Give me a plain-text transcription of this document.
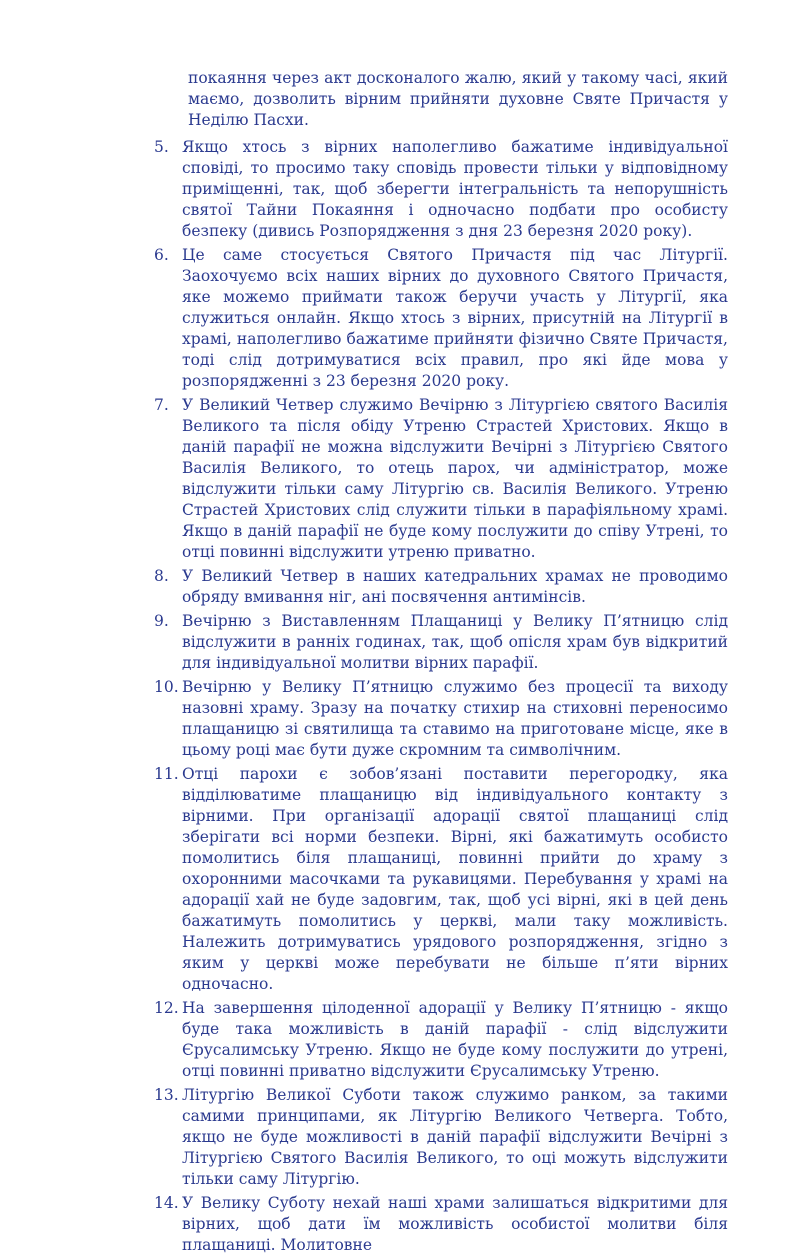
покаяння через акт досконалого жалю, який у такому часі, який маємо, дозволить вірним прийняти духовне Святе Причастя у Неділю Пасхи.

5. Якщо хтось з вірних наполегливо бажатиме індивідуальної сповіді, то просимо таку сповідь провести тільки у відповідному приміщенні, так, щоб зберегти інтегральність та непорушність святої Тайни Покаяння і одночасно подбати про особисту безпеку (дивись Розпорядження з дня 23 березня 2020 року).
6. Це саме стосується Святого Причастя під час Літургії. Заохочуємо всіх наших вірних до духовного Святого Причастя, яке можемо приймати також беручи участь у Літургії, яка служиться онлайн. Якщо хтось з вірних, присутній на Літургії в храмі, наполегливо бажатиме прийняти фізично Святе Причастя, тоді слід дотримуватися всіх правил, про які йде мова у розпорядженні з 23 березня 2020 року.
7. У Великий Четвер служимо Вечірню з Літургією святого Василія Великого та після обіду Утреню Страстей Христових. Якщо в даній парафії не можна відслужити Вечірні з Літургією Святого Василія Великого, то отець парох, чи адміністратор, може відслужити тільки саму Літургію св. Василія Великого. Утреню Страстей Христових слід служити тільки в парафіяльному храмі. Якщо в даній парафії не буде кому послужити до співу Утрені, то отці повинні відслужити утреню приватно.
8. У Великий Четвер в наших катедральних храмах не проводимо обряду вмивання ніг, ані посвячення антимінсів.
9. Вечірню з Виставленням Плащаниці у Велику П’ятницю слід відслужити в ранніх годинах, так, щоб опісля храм був відкритий для індивідуальної молитви вірних парафії.
10. Вечірню у Велику П’ятницю служимо без процесії та виходу назовні храму. Зразу на початку стихир на стиховні переносимо плащаницю зі святилища та ставимо на приготоване місце, яке в цьому році має бути дуже скромним та символічним.
11. Отці парохи є зобов’язані поставити перегородку, яка відділюватиме плащаницю від індивідуального контакту з вірними. При організації адорації святої плащаниці слід зберігати всі норми безпеки. Вірні, які бажатимуть особисто помолитись біля плащаниці, повинні прийти до храму з охоронними масочками та рукавицями. Перебування у храмі на адорації хай не буде задовгим, так, щоб усі вірні, які в цей день бажатимуть помолитись у церкві, мали таку можливість. Належить дотримуватись урядового розпорядження, згідно з яким у церкві може перебувати не більше п’яти вірних одночасно.
12. На завершення цілоденної адорації у Велику П’ятницю - якщо буде така можливість в даній парафії - слід відслужити Єрусалимську Утреню. Якщо не буде кому послужити до утрені, отці повинні приватно відслужити Єрусалимську Утреню.
13. Літургію Великої Суботи також служимо ранком, за такими самими принципами, як Літургію Великого Четверга. Тобто, якщо не буде можливості в даній парафії відслужити Вечірні з Літургією Святого Василія Великого, то оці можуть відслужити тільки саму Літургію.
14. У Велику Суботу нехай наші храми залишаться відкритими для вірних, щоб дати їм можливість особистої молитви біля плащаниці. Молитовне
